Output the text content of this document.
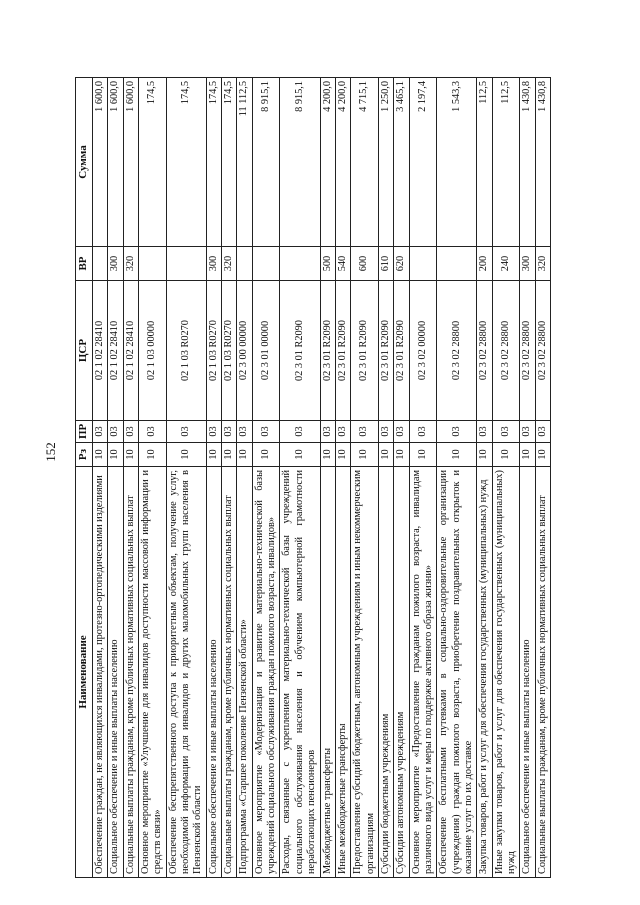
152
Наименование	Рз	ПР	ЦСР	ВР	Сумма
Обеспечение граждан, не являющихся инвалидами, протезно-ортопедическими изделиями	10	03	02 1 02 28410		1 600,0
Социальное обеспечение и иные выплаты населению	10	03	02 1 02 28410	300	1 600,0
Социальные выплаты гражданам, кроме публичных нормативных социальных выплат	10	03	02 1 02 28410	320	1 600,0
Основное мероприятие «Улучшение для инвалидов доступности массовой информации и средств связи»	10	03	02 1 03 00000		174,5
Обеспечение беспрепятственного доступа к приоритетным объектам, получение услуг, необходимой информации для инвалидов и других маломобильных групп населения в Пензенской области	10	03	02 1 03 R0270		174,5
Социальное обеспечение и иные выплаты населению	10	03	02 1 03 R0270	300	174,5
Социальные выплаты гражданам, кроме публичных нормативных социальных выплат	10	03	02 1 03 R0270	320	174,5
Подпрограмма «Старшее поколение Пензенской области»	10	03	02 3 00 00000		11 112,5
Основное мероприятие «Модернизация и развитие материально-технической базы учреждений социального обслуживания граждан пожилого возраста, инвалидов»	10	03	02 3 01 00000		8 915,1
Расходы, связанные с укреплением материально-технической базы учреждений социального обслуживания населения и обучением компьютерной грамотности неработающих пенсионеров	10	03	02 3 01 R2090		8 915,1
Межбюджетные трансферты	10	03	02 3 01 R2090	500	4 200,0
Иные межбюджетные трансферты	10	03	02 3 01 R2090	540	4 200,0
Предоставление субсидий бюджетным, автономным учреждениям и иным некоммерческим организациям	10	03	02 3 01 R2090	600	4 715,1
Субсидии бюджетным учреждениям	10	03	02 3 01 R2090	610	1 250,0
Субсидии автономным учреждениям	10	03	02 3 01 R2090	620	3 465,1
Основное мероприятие «Предоставление гражданам пожилого возраста, инвалидам различного вида услуг и меры по поддержке активного образа жизни»	10	03	02 3 02 00000		2 197,4
Обеспечение бесплатными путевками в социально-оздоровительные организации (учреждения) граждан пожилого возраста, приобретение поздравительных открыток и оказание услуг по их доставке	10	03	02 3 02 28800		1 543,3
Закупка товаров, работ и услуг для обеспечения государственных (муниципальных) нужд	10	03	02 3 02 28800	200	112,5
Иные закупки товаров, работ и услуг для обеспечения государственных (муниципальных) нужд	10	03	02 3 02 28800	240	112,5
Социальное обеспечение и иные выплаты населению	10	03	02 3 02 28800	300	1 430,8
Социальные выплаты гражданам, кроме публичных нормативных социальных выплат	10	03	02 3 02 28800	320	1 430,8
